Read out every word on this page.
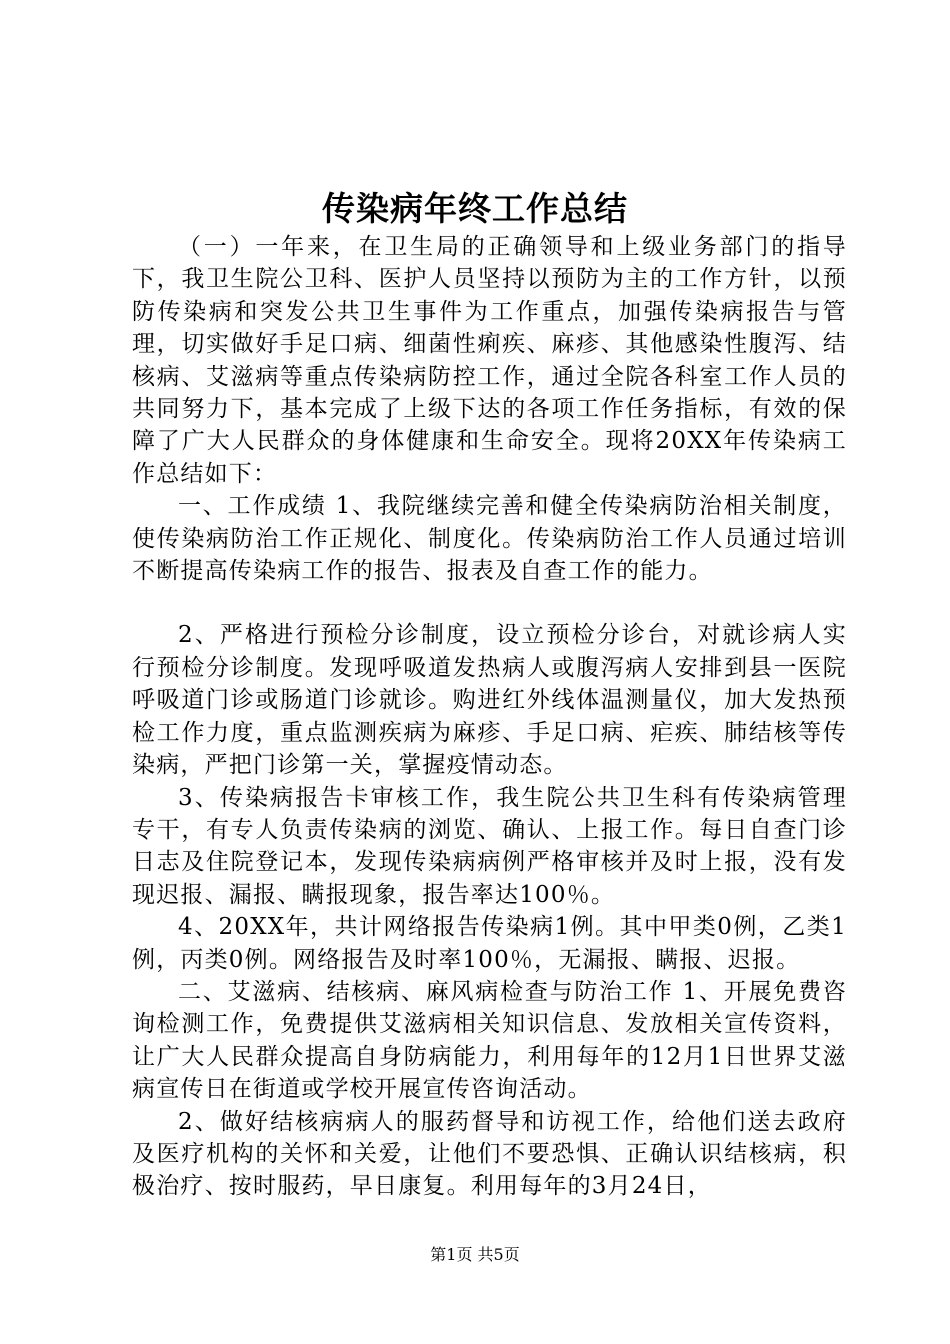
传染病年终工作总结

（一）一年来，在卫生局的正确领导和上级业务部门的指导下，我卫生院公卫科、医护人员坚持以预防为主的工作方针，以预防传染病和突发公共卫生事件为工作重点，加强传染病报告与管理，切实做好手足口病、细菌性痢疾、麻疹、其他感染性腹泻、结核病、艾滋病等重点传染病防控工作，通过全院各科室工作人员的共同努力下，基本完成了上级下达的各项工作任务指标，有效的保障了广大人民群众的身体健康和生命安全。现将20XX年传染病工作总结如下：

一、工作成绩 1、我院继续完善和健全传染病防治相关制度，使传染病防治工作正规化、制度化。传染病防治工作人员通过培训不断提高传染病工作的报告、报表及自查工作的能力。

2、严格进行预检分诊制度，设立预检分诊台，对就诊病人实行预检分诊制度。发现呼吸道发热病人或腹泻病人安排到县一医院呼吸道门诊或肠道门诊就诊。购进红外线体温测量仪，加大发热预检工作力度，重点监测疾病为麻疹、手足口病、疟疾、肺结核等传染病，严把门诊第一关，掌握疫情动态。

3、传染病报告卡审核工作，我生院公共卫生科有传染病管理专干，有专人负责传染病的浏览、确认、上报工作。每日自查门诊日志及住院登记本，发现传染病病例严格审核并及时上报，没有发现迟报、漏报、瞒报现象，报告率达100％。

4、20XX年，共计网络报告传染病1例。其中甲类0例，乙类1例，丙类0例。网络报告及时率100％，无漏报、瞒报、迟报。

二、艾滋病、结核病、麻风病检查与防治工作 1、开展免费咨询检测工作，免费提供艾滋病相关知识信息、发放相关宣传资料，让广大人民群众提高自身防病能力，利用每年的12月1日世界艾滋病宣传日在街道或学校开展宣传咨询活动。

2、做好结核病病人的服药督导和访视工作，给他们送去政府及医疗机构的关怀和关爱，让他们不要恐惧、正确认识结核病，积极治疗、按时服药，早日康复。利用每年的3月24日，

第1页 共5页
